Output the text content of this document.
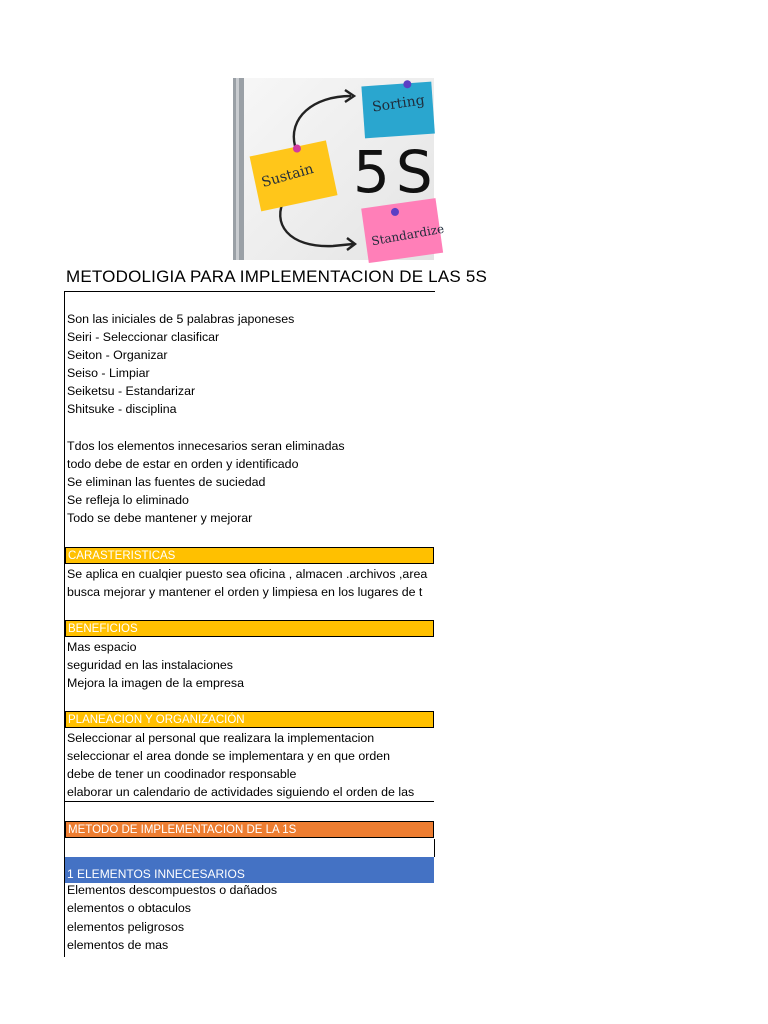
Sorting
Sustain
Standardize
5S
METODOLIGIA PARA IMPLEMENTACION DE LAS 5S
Son las iniciales de 5 palabras japoneses
Seiri - Seleccionar clasificar
Seiton - Organizar
Seiso - Limpiar
Seiketsu - Estandarizar
Shitsuke - disciplina
Tdos los elementos innecesarios seran eliminadas
todo debe de estar en orden y identificado
Se eliminan las fuentes de suciedad
Se refleja lo eliminado
Todo se debe mantener y mejorar
CARASTERISTICAS
Se aplica en cualqier puesto sea oficina , almacen .archivos ,area
busca mejorar y mantener el orden y limpiesa en los lugares de t
BENEFICIOS
Mas espacio
seguridad en las instalaciones
Mejora la imagen de la empresa
PLANEACION Y ORGANIZACIÓN
Seleccionar al personal que realizara la implementacion
seleccionar el area donde se implementara y en que orden
debe de tener un coodinador responsable
elaborar un calendario de actividades siguiendo el orden de las
METODO DE IMPLEMENTACION DE LA 1S
1 ELEMENTOS INNECESARIOS
Elementos descompuestos o dañados
elementos o obtaculos
elementos peligrosos
elementos de mas
